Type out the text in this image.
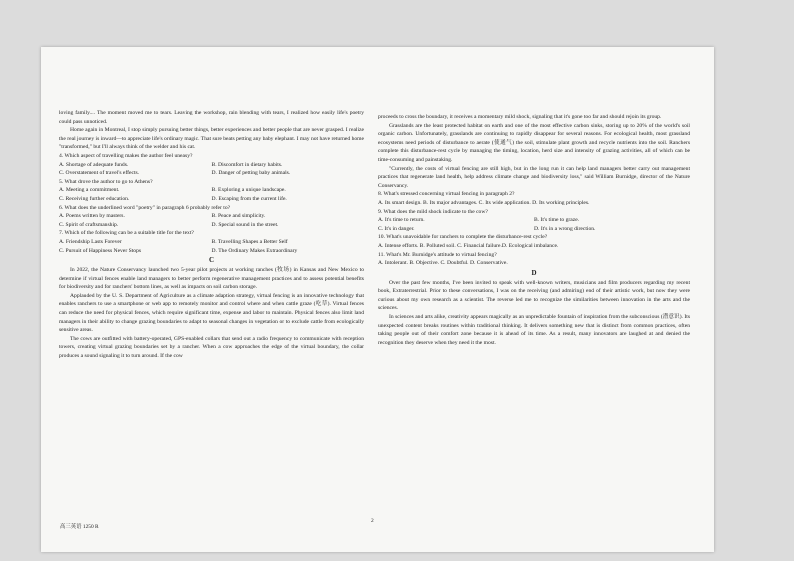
loving family.... The moment moved me to tears. Leaving the workshop, rain blending with tears, I realized how easily life's poetry could pass unnoticed.

Home again in Montreal, I stop simply pursuing better things, better experiences and better people that are never grasped. I realize the real journey is inward—to appreciate life's ordinary magic. That sure beats petting any baby elephant. I may not have returned home "transformed," but I'll always think of the welder and his cat.

4. Which aspect of travelling makes the author feel uneasy?

A. Shortage of adequate funds.	B. Discomfort in dietary habits.
C. Overstatement of travel's effects.	D. Danger of petting baby animals.

5. What drove the author to go to Athens?

A. Meeting a commitment.	B. Exploring a unique landscape.
C. Receiving further education.	D. Escaping from the current life.

6. What does the underlined word "poetry" in paragraph 6 probably refer to?

A. Poems written by masters.	B. Peace and simplicity.
C. Spirit of craftsmanship.	D. Special sound in the street.

7. Which of the following can be a suitable title for the text?

A. Friendship Lasts Forever	B. Travelling Shapes a Better Self
C. Pursuit of Happiness Never Stops	D. The Ordinary Makes Extraordinary
C

In 2022, the Nature Conservancy launched two 5-year pilot projects at working ranches (牧场) in Kansas and New Mexico to determine if virtual fences enable land managers to better perform regenerative management practices and to assess potential benefits for biodiversity and for ranchers' bottom lines, as well as impacts on soil carbon storage.

Applauded by the U. S. Department of Agriculture as a climate adaption strategy, virtual fencing is an innovative technology that enables ranchers to use a smartphone or web app to remotely monitor and control where and when cattle graze (吃草). Virtual fences can reduce the need for physical fences, which require significant time, expense and labor to maintain. Physical fences also limit land managers in their ability to change grazing boundaries to adapt to seasonal changes in vegetation or to exclude cattle from ecologically sensitive areas.

The cows are outfitted with battery-operated, GPS-enabled collars that send out a radio frequency to communicate with reception towers, creating virtual grazing boundaries set by a rancher. When a cow approaches the edge of the virtual boundary, the collar produces a sound signaling it to turn around. If the cow

proceeds to cross the boundary, it receives a momentary mild shock, signaling that it's gone too far and should rejoin its group.

Grasslands are the least protected habitat on earth and one of the most effective carbon sinks, storing up to 20% of the world's soil organic carbon. Unfortunately, grasslands are continuing to rapidly disappear for several reasons. For ecological health, most grassland ecosystems need periods of disturbance to aerate (使通气) the soil, stimulate plant growth and recycle nutrients into the soil. Ranchers complete this disturbance-rest cycle by managing the timing, location, herd size and intensity of grazing activities, all of which can be time-consuming and painstaking.

"Currently, the costs of virtual fencing are still high, but in the long run it can help land managers better carry out management practices that regenerate land health, help address climate change and biodiversity loss," said William Burnidge, director of the Nature Conservancy.

8. What's stressed concerning virtual fencing in paragraph 2?

A. Its smart design. B. Its major advantages. C. Its wide application. D. Its working principles.

9. What does the mild shock indicate to the cow?

A. It's time to return.	B. It's time to graze.
C. It's in danger.	D. It's in a wrong direction.

10. What's unavoidable for ranchers to complete the disturbance-rest cycle?

A. Intense efforts. B. Polluted soil. C. Financial failure.D. Ecological imbalance.

11. What's Mr. Burnidge's attitude to virtual fencing?

A. Intolerant. B. Objective. C. Doubtful. D. Conservative.

D

Over the past few months, I've been invited to speak with well-known writers, musicians and film producers regarding my recent book, Extraterrestrial. Prior to these conversations, I was on the receiving (and admiring) end of their artistic work, but now they were curious about my own research as a scientist. The reverse led me to recognize the similarities between innovation in the arts and the sciences.

In sciences and arts alike, creativity appears magically as an unpredictable fountain of inspiration from the subconscious (潜意识). Its unexpected content breaks routines within traditional thinking. It delivers something new that is distinct from common practices, often taking people out of their comfort zone because it is ahead of its time. As a result, many innovators are laughed at and denied the recognition they deserve when they need it the most.

高三英语 1250 R
2
